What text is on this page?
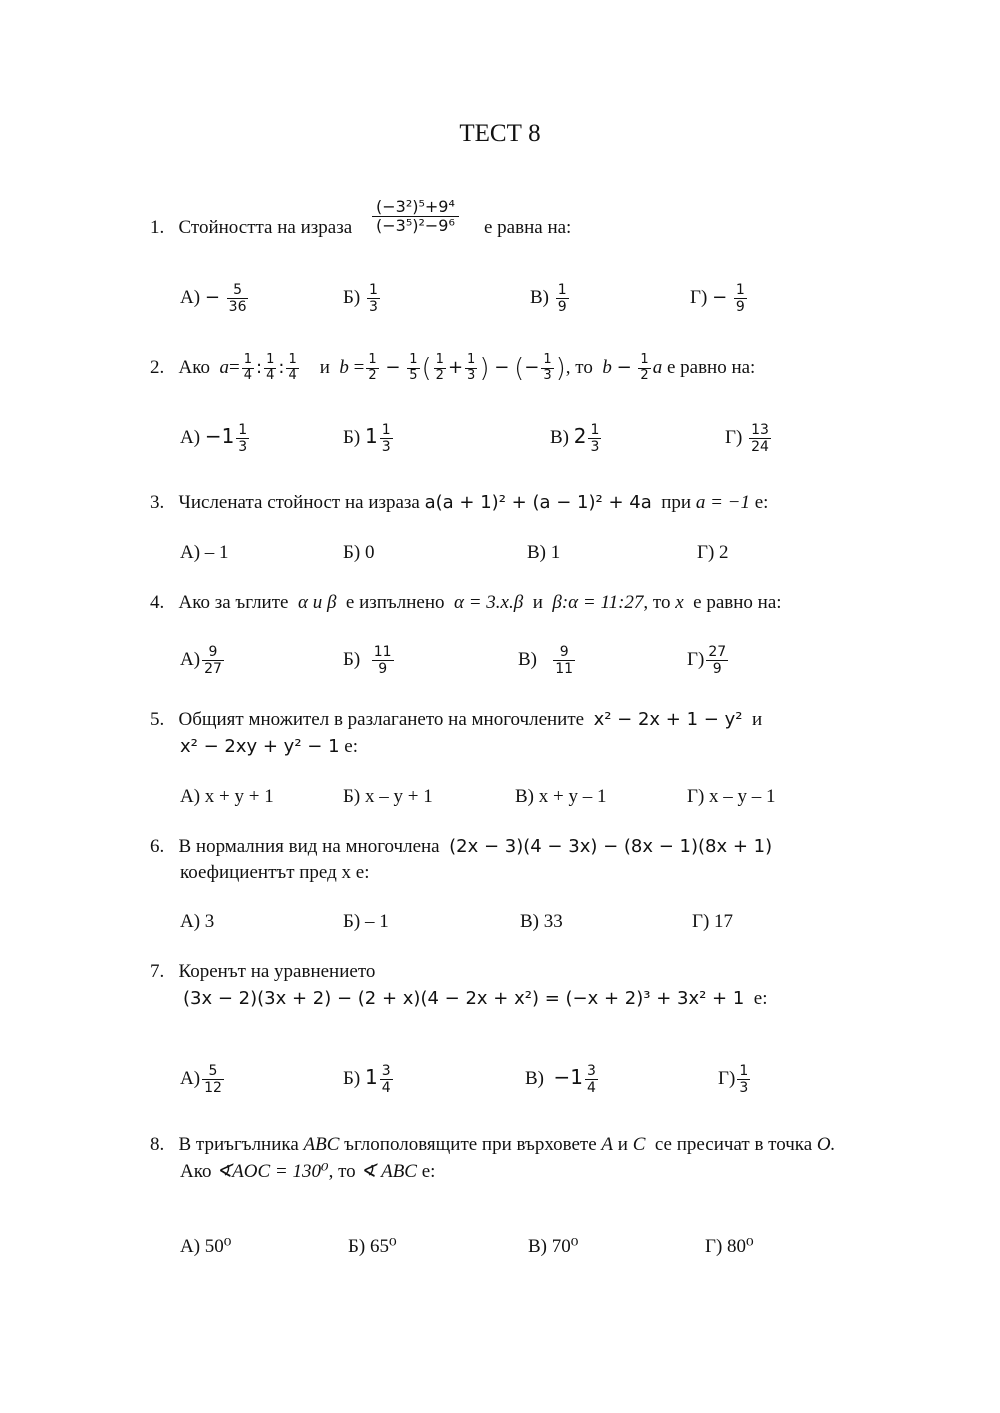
ТЕСТ 8
1. Стойността на израза $\frac{\text{(−3²)⁵+9⁴}}{\text{(−3⁵)²−9⁶}}$ е равна на:
$А) - \frac{5}{36}$	$Б) \frac{1}{3}$	$В) \frac{1}{9}$	$Г) - \frac{1}{9}$
2. Ако $a= \frac{1}{4}$ : $\frac{1}{4}$ : $\frac{1}{4}$ и $b = \frac{1}{2} - \frac{1}{5}$ ( $\frac{1}{2} + \frac{1}{3}$ ) − (− $\frac{1}{3}$ ), то $b - \frac{1}{2}$ a е равно на:
$А) -1 \frac{1}{3}$	Б) $1 \frac{1}{3}$	В) $2 \frac{1}{3}$	$Г) \frac{13}{24}$
3. Числената стойност на израза a(a + 1)² + (a − 1)² + 4a при a = −1 е:
А) – 1	Б) 0	В) 1	Г) 2
4. Ако за ъглите α и β е изпълнено α = 3.x.β и β:α = 11:27, то x е равно на:
$А) \frac{9}{27}$	$Б) \frac{11}{9}$	$В) \frac{9}{11}$	$Г) \frac{27}{9}$
5. Общият множител в разлагането на многочлените x² − 2x + 1 − y² и
x² − 2xy + y² − 1 е:
А) x + y + 1	Б) x – y + 1	В) x + y – 1	Г) x – y – 1
6. В нормалния вид на многочлена (2x − 3)(4 − 3x) − (8x − 1)(8x + 1)
коефициентът пред x е:
А) 3	Б) – 1	В) 33	Г) 17
7. Коренът на уравнението
(3x − 2)(3x + 2) − (2 + x)(4 − 2x + x²) = (−x + 2)³ + 3x² + 1 е:
$А) \frac{5}{12}$	Б) $1 \frac{3}{4}$	$В) -1 \frac{3}{4}$	$Г) \frac{1}{3}$
8. В триъгълника ABC ъглополовящите при върховете A и C се пресичат в точка O.
Ако ∢AOC = 130⁰, то ∢ ABC е:
А) 50⁰	Б) 65⁰	В) 70⁰	Г) 80⁰
